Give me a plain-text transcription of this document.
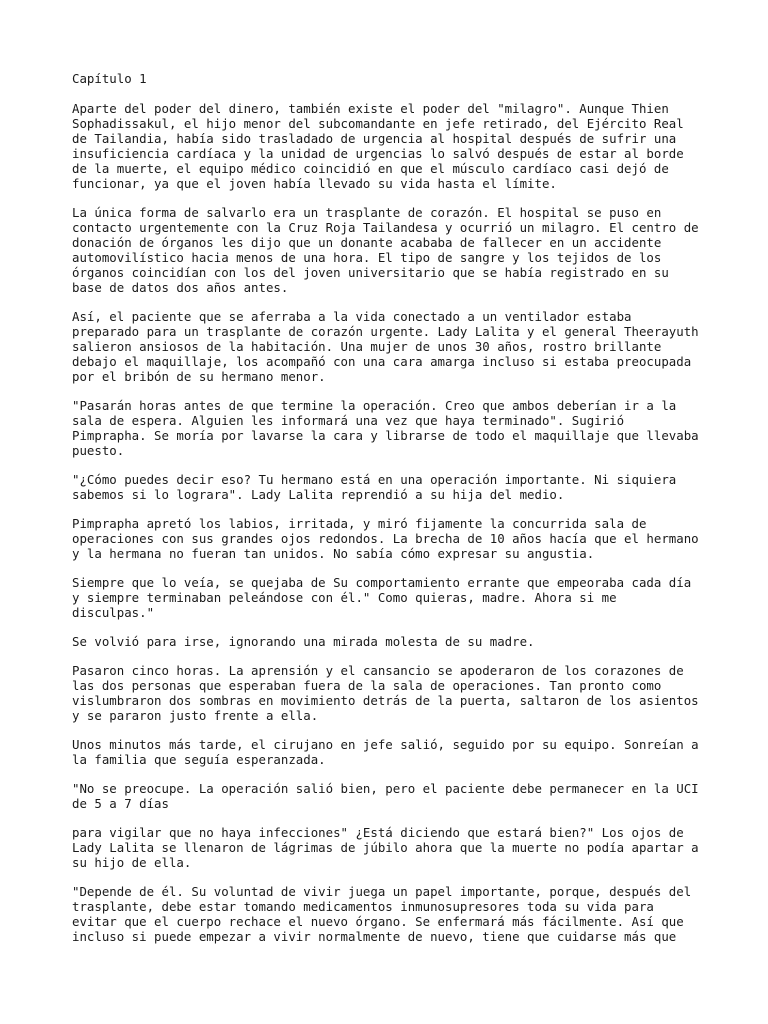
Capítulo 1

Aparte del poder del dinero, también existe el poder del "milagro". Aunque Thien Sophadissakul, el hijo menor del subcomandante en jefe retirado, del Ejército Real de Tailandia, había sido trasladado de urgencia al hospital después de sufrir una insuficiencia cardíaca y la unidad de urgencias lo salvó después de estar al borde de la muerte, el equipo médico coincidió en que el músculo cardíaco casi dejó de funcionar, ya que el joven había llevado su vida hasta el límite.

La única forma de salvarlo era un trasplante de corazón. El hospital se puso en contacto urgentemente con la Cruz Roja Tailandesa y ocurrió un milagro. El centro de donación de órganos les dijo que un donante acababa de fallecer en un accidente automovilístico hacia menos de una hora. El tipo de sangre y los tejidos de los órganos coincidían con los del joven universitario que se había registrado en su base de datos dos años antes.

Así, el paciente que se aferraba a la vida conectado a un ventilador estaba preparado para un trasplante de corazón urgente. Lady Lalita y el general Theerayuth salieron ansiosos de la habitación. Una mujer de unos 30 años, rostro brillante debajo el maquillaje, los acompañó con una cara amarga incluso si estaba preocupada por el bribón de su hermano menor.

"Pasarán horas antes de que termine la operación. Creo que ambos deberían ir a la sala de espera. Alguien les informará una vez que haya terminado". Sugirió Pimprapha. Se moría por lavarse la cara y librarse de todo el maquillaje que llevaba puesto.

"¿Cómo puedes decir eso? Tu hermano está en una operación importante. Ni siquiera sabemos si lo lograra". Lady Lalita reprendió a su hija del medio.

Pimprapha apretó los labios, irritada, y miró fijamente la concurrida sala de operaciones con sus grandes ojos redondos. La brecha de 10 años hacía que el hermano y la hermana no fueran tan unidos. No sabía cómo expresar su angustia.

Siempre que lo veía, se quejaba de Su comportamiento errante que empeoraba cada día y siempre terminaban peleándose con él." Como quieras, madre. Ahora si me disculpas."

Se volvió para irse, ignorando una mirada molesta de su madre.

Pasaron cinco horas. La aprensión y el cansancio se apoderaron de los corazones de las dos personas que esperaban fuera de la sala de operaciones. Tan pronto como vislumbraron dos sombras en movimiento detrás de la puerta, saltaron de los asientos y se pararon justo frente a ella.

Unos minutos más tarde, el cirujano en jefe salió, seguido por su equipo. Sonreían a la familia que seguía esperanzada.

"No se preocupe. La operación salió bien, pero el paciente debe permanecer en la UCI de 5 a 7 días

para vigilar que no haya infecciones" ¿Está diciendo que estará bien?" Los ojos de Lady Lalita se llenaron de lágrimas de júbilo ahora que la muerte no podía apartar a su hijo de ella.

"Depende de él. Su voluntad de vivir juega un papel importante, porque, después del trasplante, debe estar tomando medicamentos inmunosupresores toda su vida para evitar que el cuerpo rechace el nuevo órgano. Se enfermará más fácilmente. Así que incluso si puede empezar a vivir normalmente de nuevo, tiene que cuidarse más que
